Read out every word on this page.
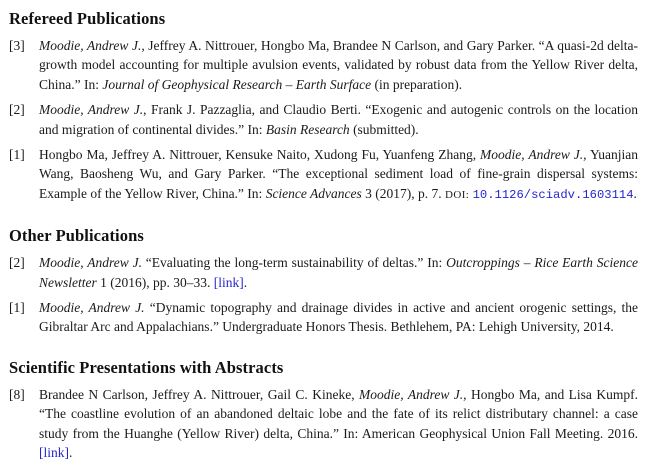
Refereed Publications
[3]	Moodie, Andrew J., Jeffrey A. Nittrouer, Hongbo Ma, Brandee N Carlson, and Gary Parker. “A quasi-2d delta-growth model accounting for multiple avulsion events, validated by robust data from the Yellow River delta, China.” In: Journal of Geophysical Research – Earth Surface (in preparation).

[2]	Moodie, Andrew J., Frank J. Pazzaglia, and Claudio Berti. “Exogenic and autogenic controls on the location and migration of continental divides.” In: Basin Research (submitted).

[1]	Hongbo Ma, Jeffrey A. Nittrouer, Kensuke Naito, Xudong Fu, Yuanfeng Zhang, Moodie, Andrew J., Yuanjian Wang, Baosheng Wu, and Gary Parker. “The exceptional sediment load of fine-grain dispersal systems: Example of the Yellow River, China.” In: Science Advances 3 (2017), p. 7. DOI: 10.1126/sciadv.1603114.

Other Publications
[2]	Moodie, Andrew J. “Evaluating the long-term sustainability of deltas.” In: Outcroppings – Rice Earth Science Newsletter 1 (2016), pp. 30–33. [link].

[1]	Moodie, Andrew J. “Dynamic topography and drainage divides in active and ancient orogenic settings, the Gibraltar Arc and Appalachians.” Undergraduate Honors Thesis. Bethlehem, PA: Lehigh University, 2014.

Scientific Presentations with Abstracts
[8]	Brandee N Carlson, Jeffrey A. Nittrouer, Gail C. Kineke, Moodie, Andrew J., Hongbo Ma, and Lisa Kumpf. “The coastline evolution of an abandoned deltaic lobe and the fate of its relict distributary channel: a case study from the Huanghe (Yellow River) delta, China.” In: American Geophysical Union Fall Meeting. 2016. [link].
